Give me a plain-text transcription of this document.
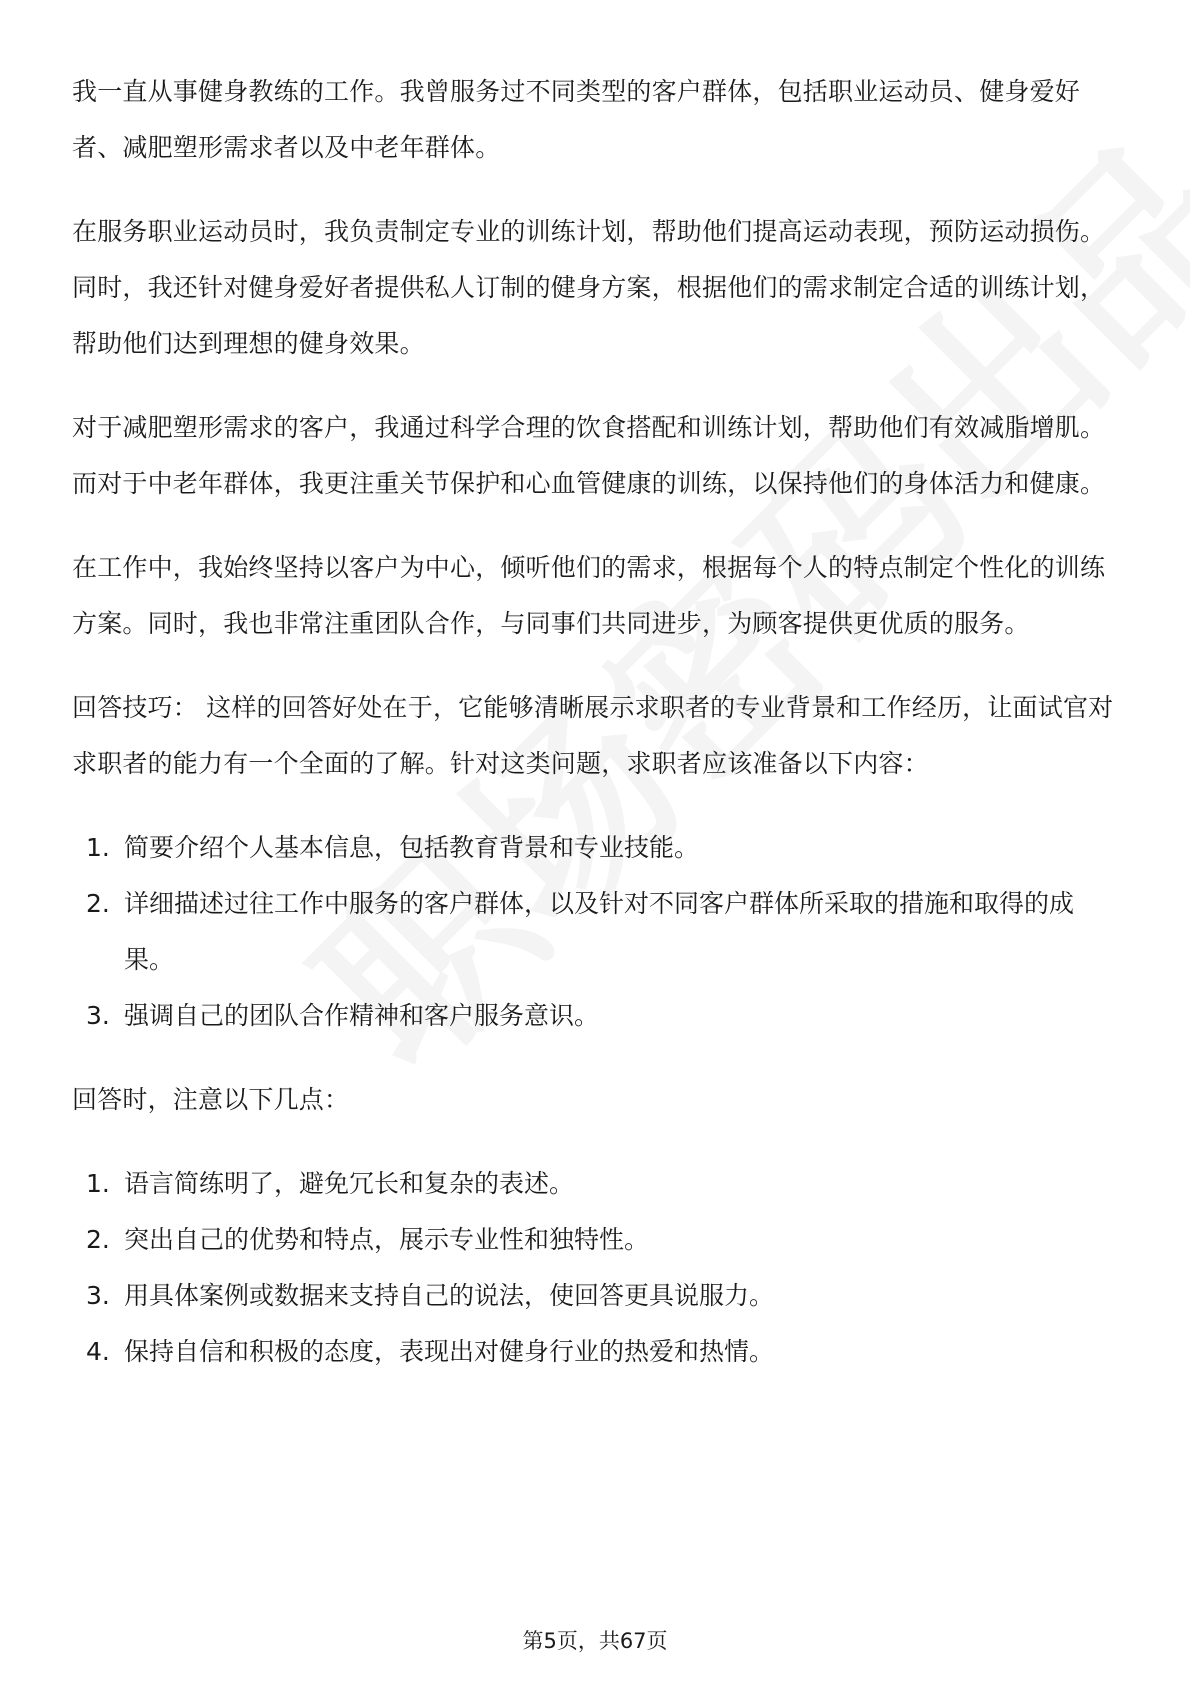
我一直从事健身教练的工作。我曾服务过不同类型的客户群体，包括职业运动员、健身爱好者、减肥塑形需求者以及中老年群体。

在服务职业运动员时，我负责制定专业的训练计划，帮助他们提高运动表现，预防运动损伤。同时，我还针对健身爱好者提供私人订制的健身方案，根据他们的需求制定合适的训练计划，帮助他们达到理想的健身效果。

对于减肥塑形需求的客户，我通过科学合理的饮食搭配和训练计划，帮助他们有效减脂增肌。而对于中老年群体，我更注重关节保护和心血管健康的训练，以保持他们的身体活力和健康。

在工作中，我始终坚持以客户为中心，倾听他们的需求，根据每个人的特点制定个性化的训练方案。同时，我也非常注重团队合作，与同事们共同进步，为顾客提供更优质的服务。

回答技巧： 这样的回答好处在于，它能够清晰展示求职者的专业背景和工作经历，让面试官对求职者的能力有一个全面的了解。针对这类问题，求职者应该准备以下内容：

1. 简要介绍个人基本信息，包括教育背景和专业技能。
2. 详细描述过往工作中服务的客户群体，以及针对不同客户群体所采取的措施和取得的成果。
3. 强调自己的团队合作精神和客户服务意识。

回答时，注意以下几点：

1. 语言简练明了，避免冗长和复杂的表述。
2. 突出自己的优势和特点，展示专业性和独特性。
3. 用具体案例或数据来支持自己的说法，使回答更具说服力。
4. 保持自信和积极的态度，表现出对健身行业的热爱和热情。
第5页，共67页
